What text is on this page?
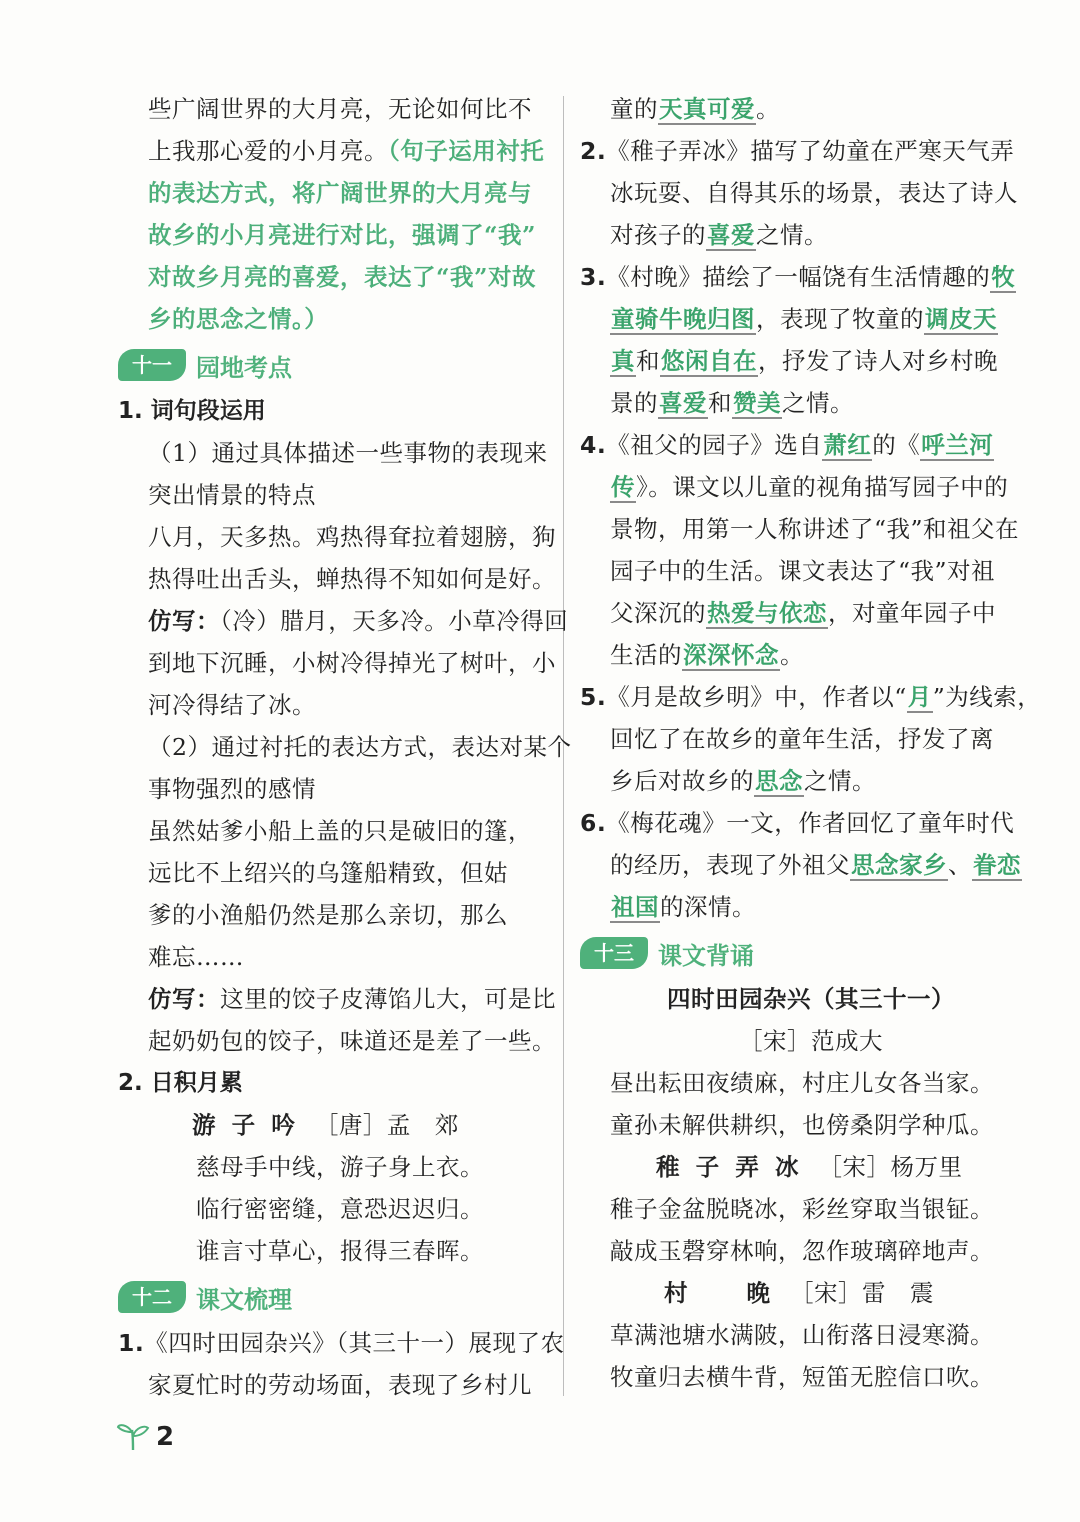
些广阔世界的大月亮，无论如何比不
上我那心爱的小月亮。（句子运用衬托
的表达方式，将广阔世界的大月亮与
故乡的小月亮进行对比，强调了“我”
对故乡月亮的喜爱，表达了“我”对故
乡的思念之情。）
十一	园地考点
1. 词句段运用
（1）通过具体描述一些事物的表现来
突出情景的特点
八月，天多热。鸡热得耷拉着翅膀，狗
热得吐出舌头，蝉热得不知如何是好。
仿写：（冷）腊月，天多冷。小草冷得回
到地下沉睡，小树冷得掉光了树叶，小
河冷得结了冰。
（2）通过衬托的表达方式，表达对某个
事物强烈的感情
虽然姑爹小船上盖的只是破旧的篷，
远比不上绍兴的乌篷船精致，但姑
爹的小渔船仍然是那么亲切，那么
难忘……
仿写：这里的饺子皮薄馅儿大，可是比
起奶奶包的饺子，味道还是差了一些。
2. 日积月累
游 子 吟 ［唐］孟　郊
慈母手中线，游子身上衣。
临行密密缝，意恐迟迟归。
谁言寸草心，报得三春晖。
十二	课文梳理
1.《四时田园杂兴》（其三十一）展现了农
家夏忙时的劳动场面，表现了乡村儿
童的天真可爱。
2.《稚子弄冰》描写了幼童在严寒天气弄
冰玩耍、自得其乐的场景，表达了诗人
对孩子的喜爱之情。
3.《村晚》描绘了一幅饶有生活情趣的牧
童骑牛晚归图，表现了牧童的调皮天
真和悠闲自在，抒发了诗人对乡村晚
景的喜爱和赞美之情。
4.《祖父的园子》选自萧红的《呼兰河
传》。课文以儿童的视角描写园子中的
景物，用第一人称讲述了“我”和祖父在
园子中的生活。课文表达了“我”对祖
父深沉的热爱与依恋，对童年园子中
生活的深深怀念。
5.《月是故乡明》中，作者以“月”为线索，
回忆了在故乡的童年生活，抒发了离
乡后对故乡的思念之情。
6.《梅花魂》一文，作者回忆了童年时代
的经历，表现了外祖父思念家乡、眷恋
祖国的深情。
十三	课文背诵
四时田园杂兴（其三十一）
［宋］范成大
昼出耘田夜绩麻，村庄儿女各当家。
童孙未解供耕织，也傍桑阴学种瓜。
稚 子 弄 冰 ［宋］杨万里
稚子金盆脱晓冰，彩丝穿取当银钲。
敲成玉磬穿林响，忽作玻璃碎地声。
村　　晚 ［宋］雷　震
草满池塘水满陂，山衔落日浸寒漪。
牧童归去横牛背，短笛无腔信口吹。
2
